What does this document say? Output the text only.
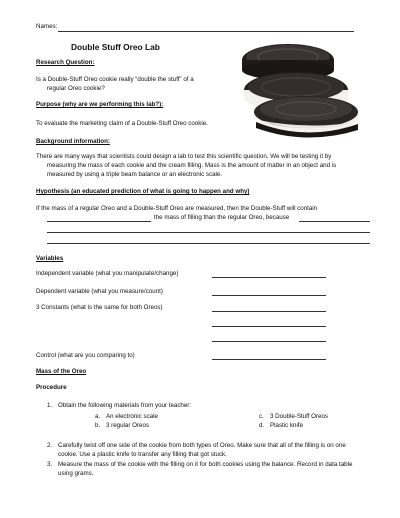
Names:
Double Stuff Oreo Lab
Research Question:
Is a Double-Stuff Oreo cookie really “double the stuff” of a
regular Oreo cookie?
Purpose (why are we performing this lab?):
To evaluate the marketing claim of a Double-Stuff Oreo cookie.
Background information:
There are many ways that scientists could design a lab to test this scientific question. We will be testing it by
measuring the mass of each cookie and the cream filling. Mass is the amount of matter in an object and is
measured by using a triple beam balance or an electronic scale.
Hypothesis (an educated prediction of what is going to happen and why)
If the mass of a regular Oreo and a Double-Stuff Oreo are measured, then the Double-Stuff will contain
the mass of filling than the regular Oreo, because
Variables
Independent variable (what you manipulate/change)
Dependent variable (what you measure/count)
3 Constants (what is the same for both Oreos)
Control (what are you comparing to)
Mass of the Oreo
Procedure
1. Obtain the following materials from your teacher:
a. An electronic scale
b. 3 regular Oreos
c. 3 Double-Stuff Oreos
d. Plastic knife
2. Carefully twist off one side of the cookie from both types of Oreo. Make sure that all of the filling is on one
cookie. Use a plastic knife to transfer any filling that got stuck.
3. Measure the mass of the cookie with the filling on it for both cookies using the balance. Record in data table
using grams.
